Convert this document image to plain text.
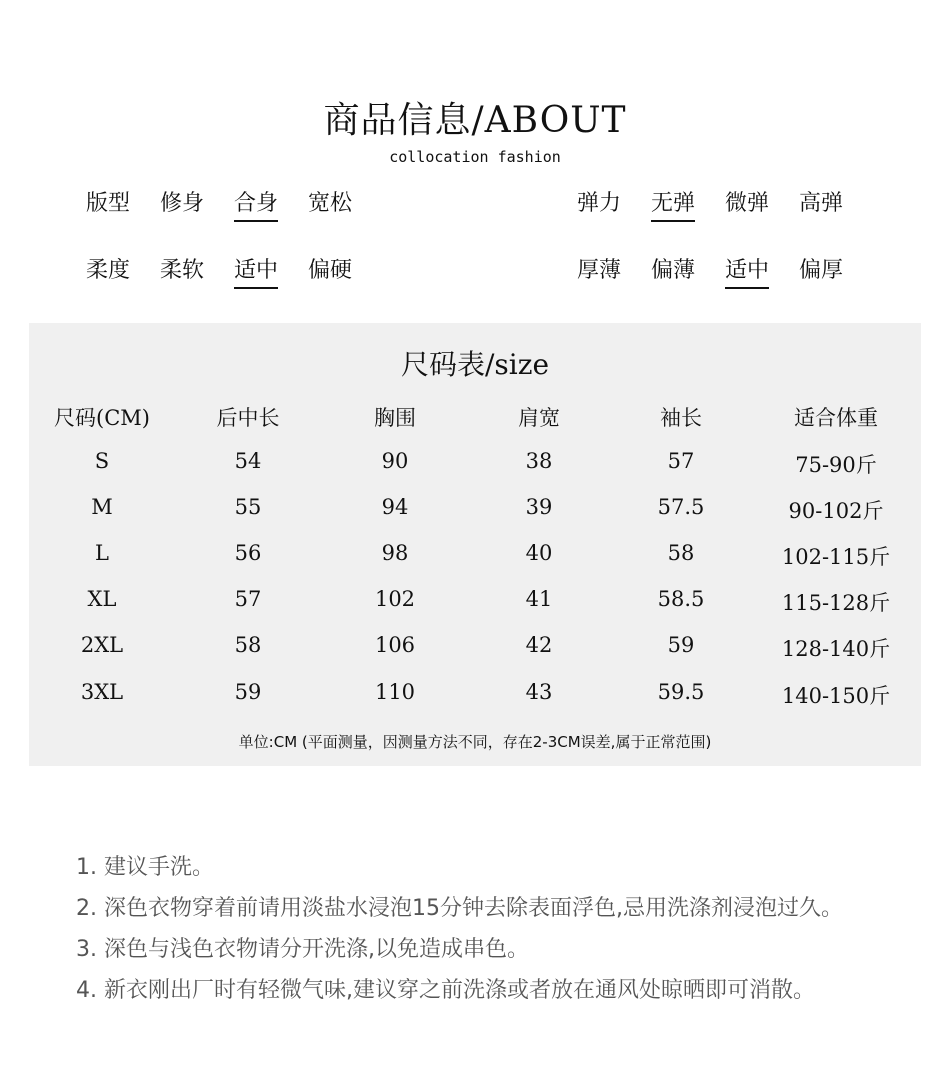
商品信息/ABOUT
collocation fashion
版型 修身 合身 宽松	弹力 无弹 微弹 高弹
柔度 柔软 适中 偏硬	厚薄 偏薄 适中 偏厚
尺码表/size
尺码(CM)	后中长	胸围	肩宽	袖长	适合体重
S	54	90	38	57	75-90斤
M	55	94	39	57.5	90-102斤
L	56	98	40	58	102-115斤
XL	57	102	41	58.5	115-128斤
2XL	58	106	42	59	128-140斤
3XL	59	110	43	59.5	140-150斤
单位:CM (平面测量，因测量方法不同，存在2-3CM误差,属于正常范围)
1. 建议手洗。
2. 深色衣物穿着前请用淡盐水浸泡15分钟去除表面浮色,忌用洗涤剂浸泡过久。
3. 深色与浅色衣物请分开洗涤,以免造成串色。
4. 新衣刚出厂时有轻微气味,建议穿之前洗涤或者放在通风处晾晒即可消散。
